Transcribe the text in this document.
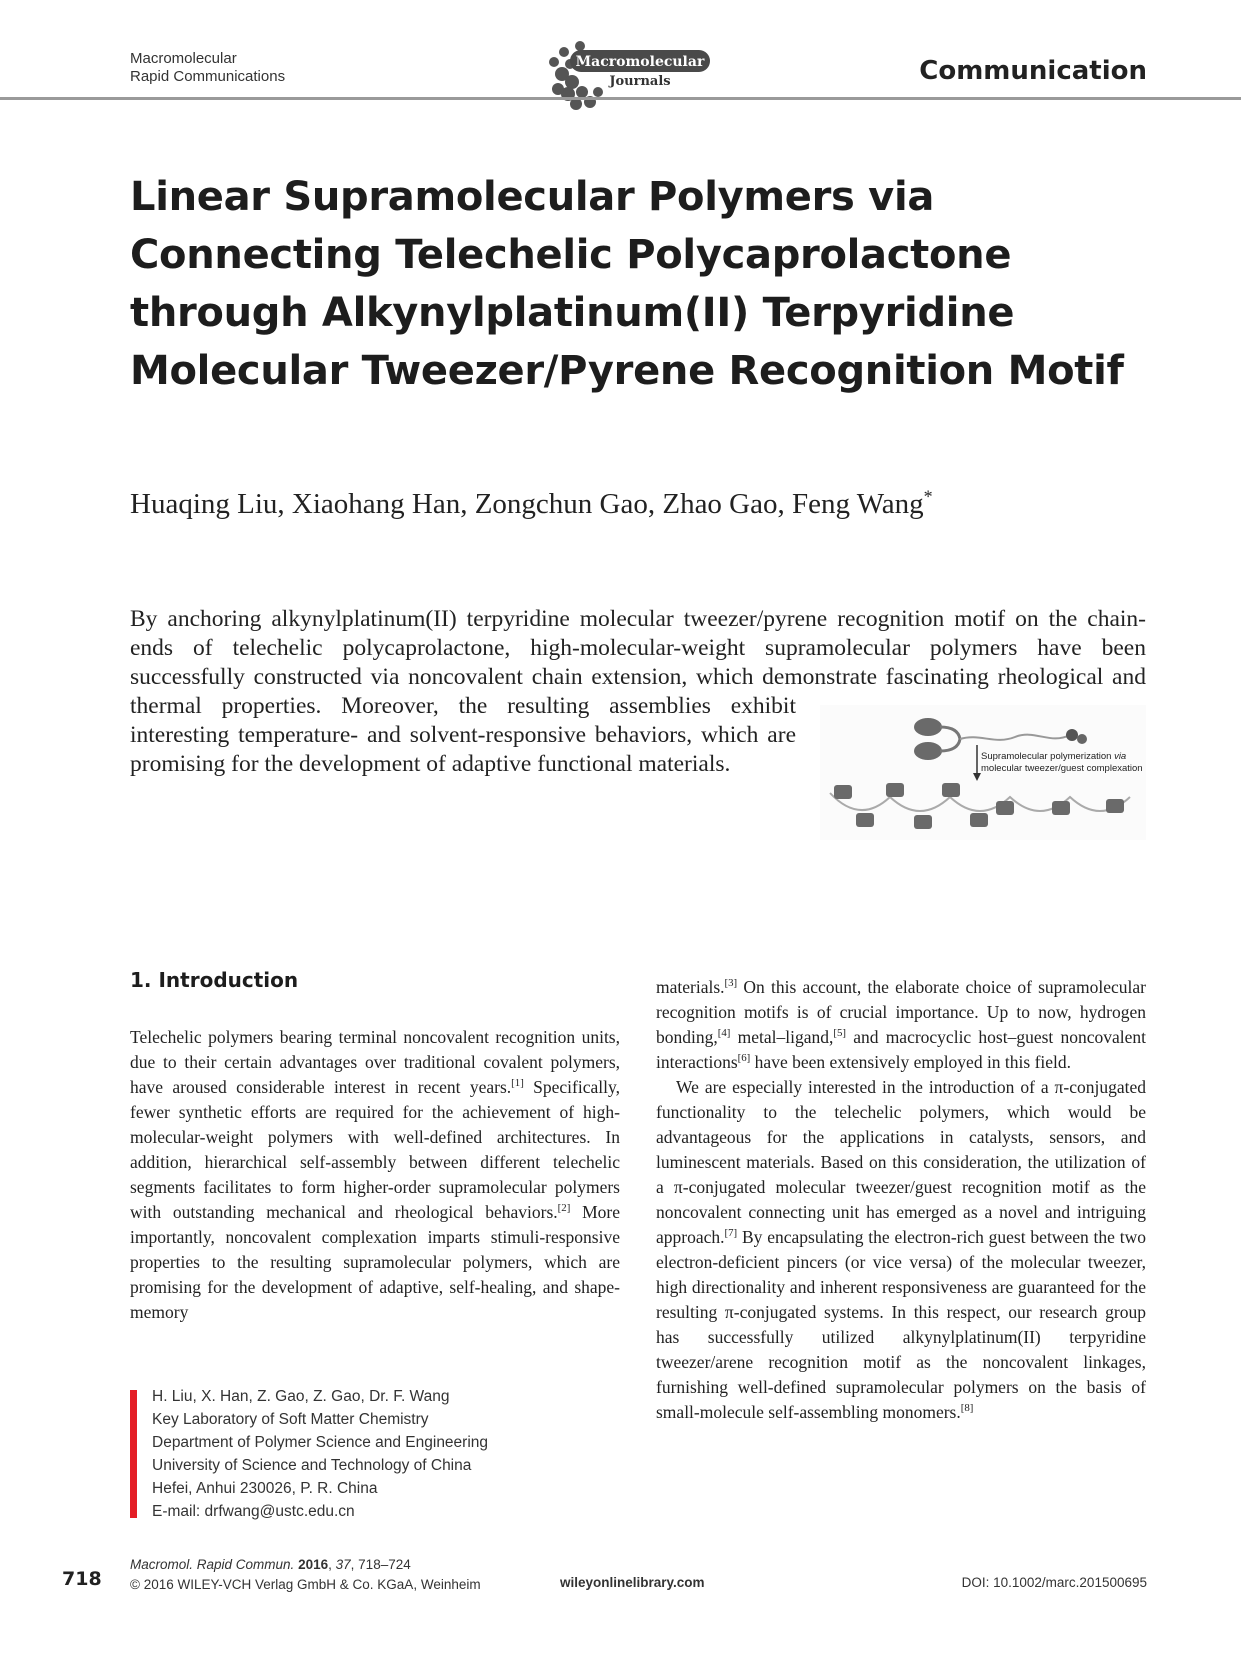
Macromolecular
Rapid Communications
Macromolecular
Journals	Communication
Linear Supramolecular Polymers via Connecting Telechelic Polycaprolactone through Alkynylplatinum(II) Terpyridine Molecular Tweezer/Pyrene Recognition Motif
Huaqing Liu, Xiaohang Han, Zongchun Gao, Zhao Gao, Feng Wang*
By anchoring alkynylplatinum(II) terpyridine molecular tweezer/pyrene recognition motif on the chain-ends of telechelic polycaprolactone, high-molecular-weight supramolecular polymers have been successfully constructed via noncovalent chain extension, which demonstrate fascinating rheological and thermal properties. Moreover, the resulting assemblies exhibit interesting temperature- and solvent-responsive behaviors, which are promising for the development of adaptive functional materials.	Supramolecular polymerization via
molecular tweezer/guest complexation
1. Introduction

Telechelic polymers bearing terminal noncovalent recognition units, due to their certain advantages over traditional covalent polymers, have aroused considerable interest in recent years.[1] Specifically, fewer synthetic efforts are required for the achievement of high-molecular-weight polymers with well-defined architectures. In addition, hierarchical self-assembly between different telechelic segments facilitates to form higher-order supramolecular polymers with outstanding mechanical and rheological behaviors.[2] More importantly, noncovalent complexation imparts stimuli-responsive properties to the resulting supramolecular polymers, which are promising for the development of adaptive, self-healing, and shape-memory

materials.[3] On this account, the elaborate choice of supramolecular recognition motifs is of crucial importance. Up to now, hydrogen bonding,[4] metal–ligand,[5] and macrocyclic host–guest noncovalent interactions[6] have been extensively employed in this field.

We are especially interested in the introduction of a π-conjugated functionality to the telechelic polymers, which would be advantageous for the applications in catalysts, sensors, and luminescent materials. Based on this consideration, the utilization of a π-conjugated molecular tweezer/guest recognition motif as the noncovalent connecting unit has emerged as a novel and intriguing approach.[7] By encapsulating the electron-rich guest between the two electron-deficient pincers (or vice versa) of the molecular tweezer, high directionality and inherent responsiveness are guaranteed for the resulting π-conjugated systems. In this respect, our research group has successfully utilized alkynylplatinum(II) terpyridine tweezer/arene recognition motif as the noncovalent linkages, furnishing well-defined supramolecular polymers on the basis of small-molecule self-assembling monomers.[8]

H. Liu, X. Han, Z. Gao, Z. Gao, Dr. F. Wang
Key Laboratory of Soft Matter Chemistry
Department of Polymer Science and Engineering
University of Science and Technology of China
Hefei, Anhui 230026, P. R. China
E-mail: drfwang@ustc.edu.cn
718
Macromol. Rapid Commun. 2016, 37, 718–724
© 2016 WILEY-VCH Verlag GmbH & Co. KGaA, Weinheim	wileyonlinelibrary.com	DOI: 10.1002/marc.201500695
